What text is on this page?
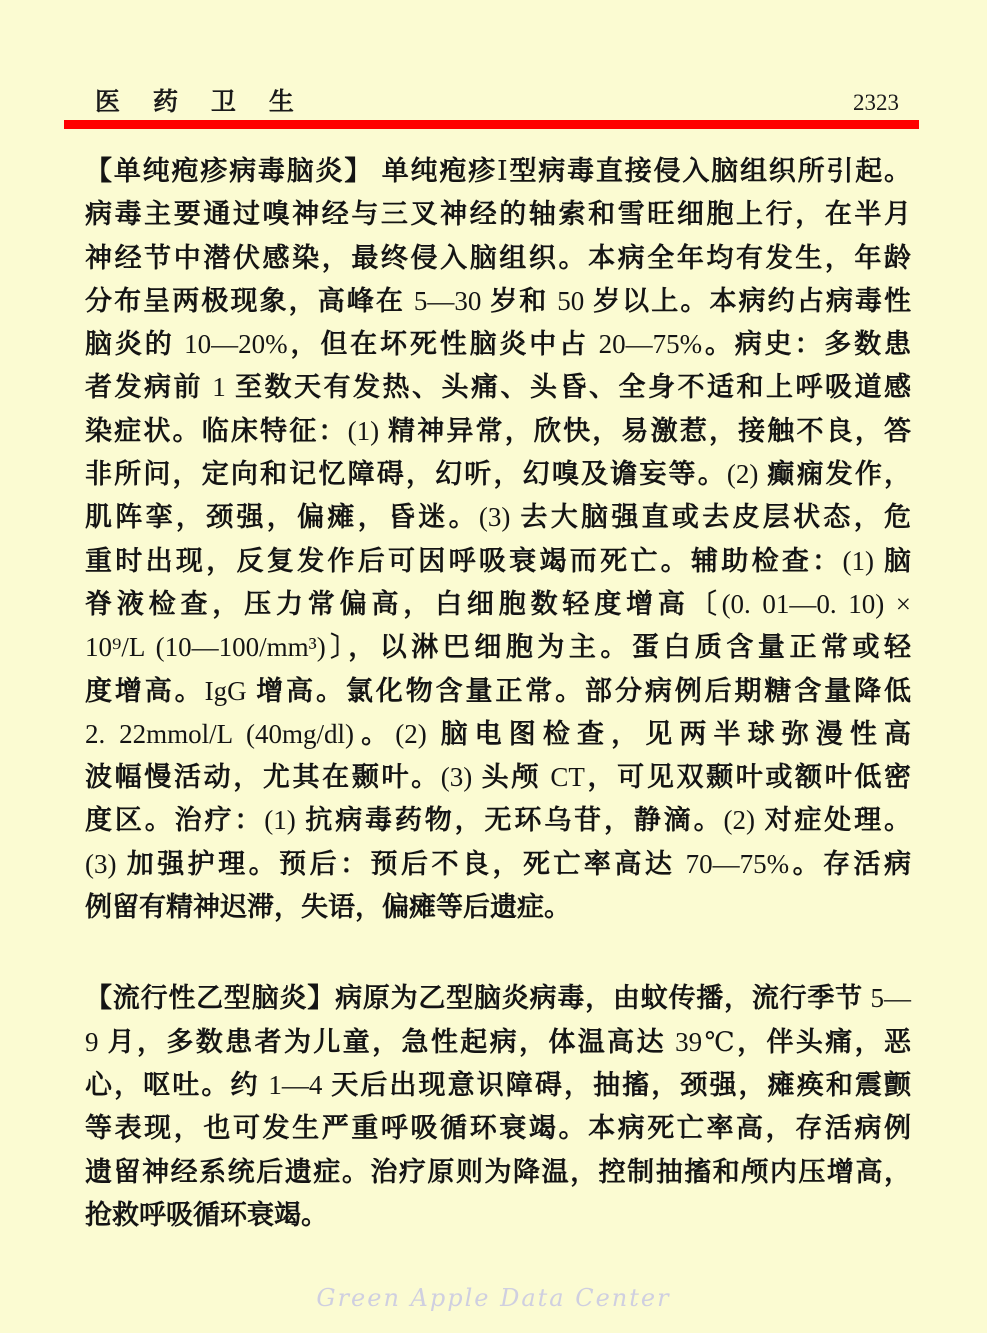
医 药 卫 生	2323
【单纯疱疹病毒脑炎】 单纯疱疹Ⅰ型病毒直接侵入脑组织所引起。
病毒主要通过嗅神经与三叉神经的轴索和雪旺细胞上行，在半月
神经节中潜伏感染，最终侵入脑组织。本病全年均有发生，年龄
分布呈两极现象，高峰在 5—30 岁和 50 岁以上。本病约占病毒性
脑炎的 10—20%，但在坏死性脑炎中占 20—75%。病史：多数患
者发病前 1 至数天有发热、头痛、头昏、全身不适和上呼吸道感
染症状。临床特征：(1) 精神异常，欣快，易激惹，接触不良，答
非所问，定向和记忆障碍，幻听，幻嗅及谵妄等。(2) 癫痫发作，
肌阵挛，颈强，偏瘫，昏迷。(3) 去大脑强直或去皮层状态，危
重时出现，反复发作后可因呼吸衰竭而死亡。辅助检查：(1) 脑
脊液检查，压力常偏高，白细胞数轻度增高〔(0. 01—0. 10) ×
10⁹/L (10—100/mm³)〕，以淋巴细胞为主。蛋白质含量正常或轻
度增高。IgG 增高。氯化物含量正常。部分病例后期糖含量降低
2. 22mmol/L (40mg/dl)。(2) 脑电图检查，见两半球弥漫性高
波幅慢活动，尤其在颞叶。(3) 头颅 CT，可见双颞叶或额叶低密
度区。治疗：(1) 抗病毒药物，无环乌苷，静滴。(2) 对症处理。
(3) 加强护理。预后：预后不良，死亡率高达 70—75%。存活病
例留有精神迟滞，失语，偏瘫等后遗症。
【流行性乙型脑炎】病原为乙型脑炎病毒，由蚊传播，流行季节 5—
9 月，多数患者为儿童，急性起病，体温高达 39℃，伴头痛，恶
心，呕吐。约 1—4 天后出现意识障碍，抽搐，颈强，瘫痪和震颤
等表现，也可发生严重呼吸循环衰竭。本病死亡率高，存活病例
遗留神经系统后遗症。治疗原则为降温，控制抽搐和颅内压增高，
抢救呼吸循环衰竭。
Green Apple Data Center
